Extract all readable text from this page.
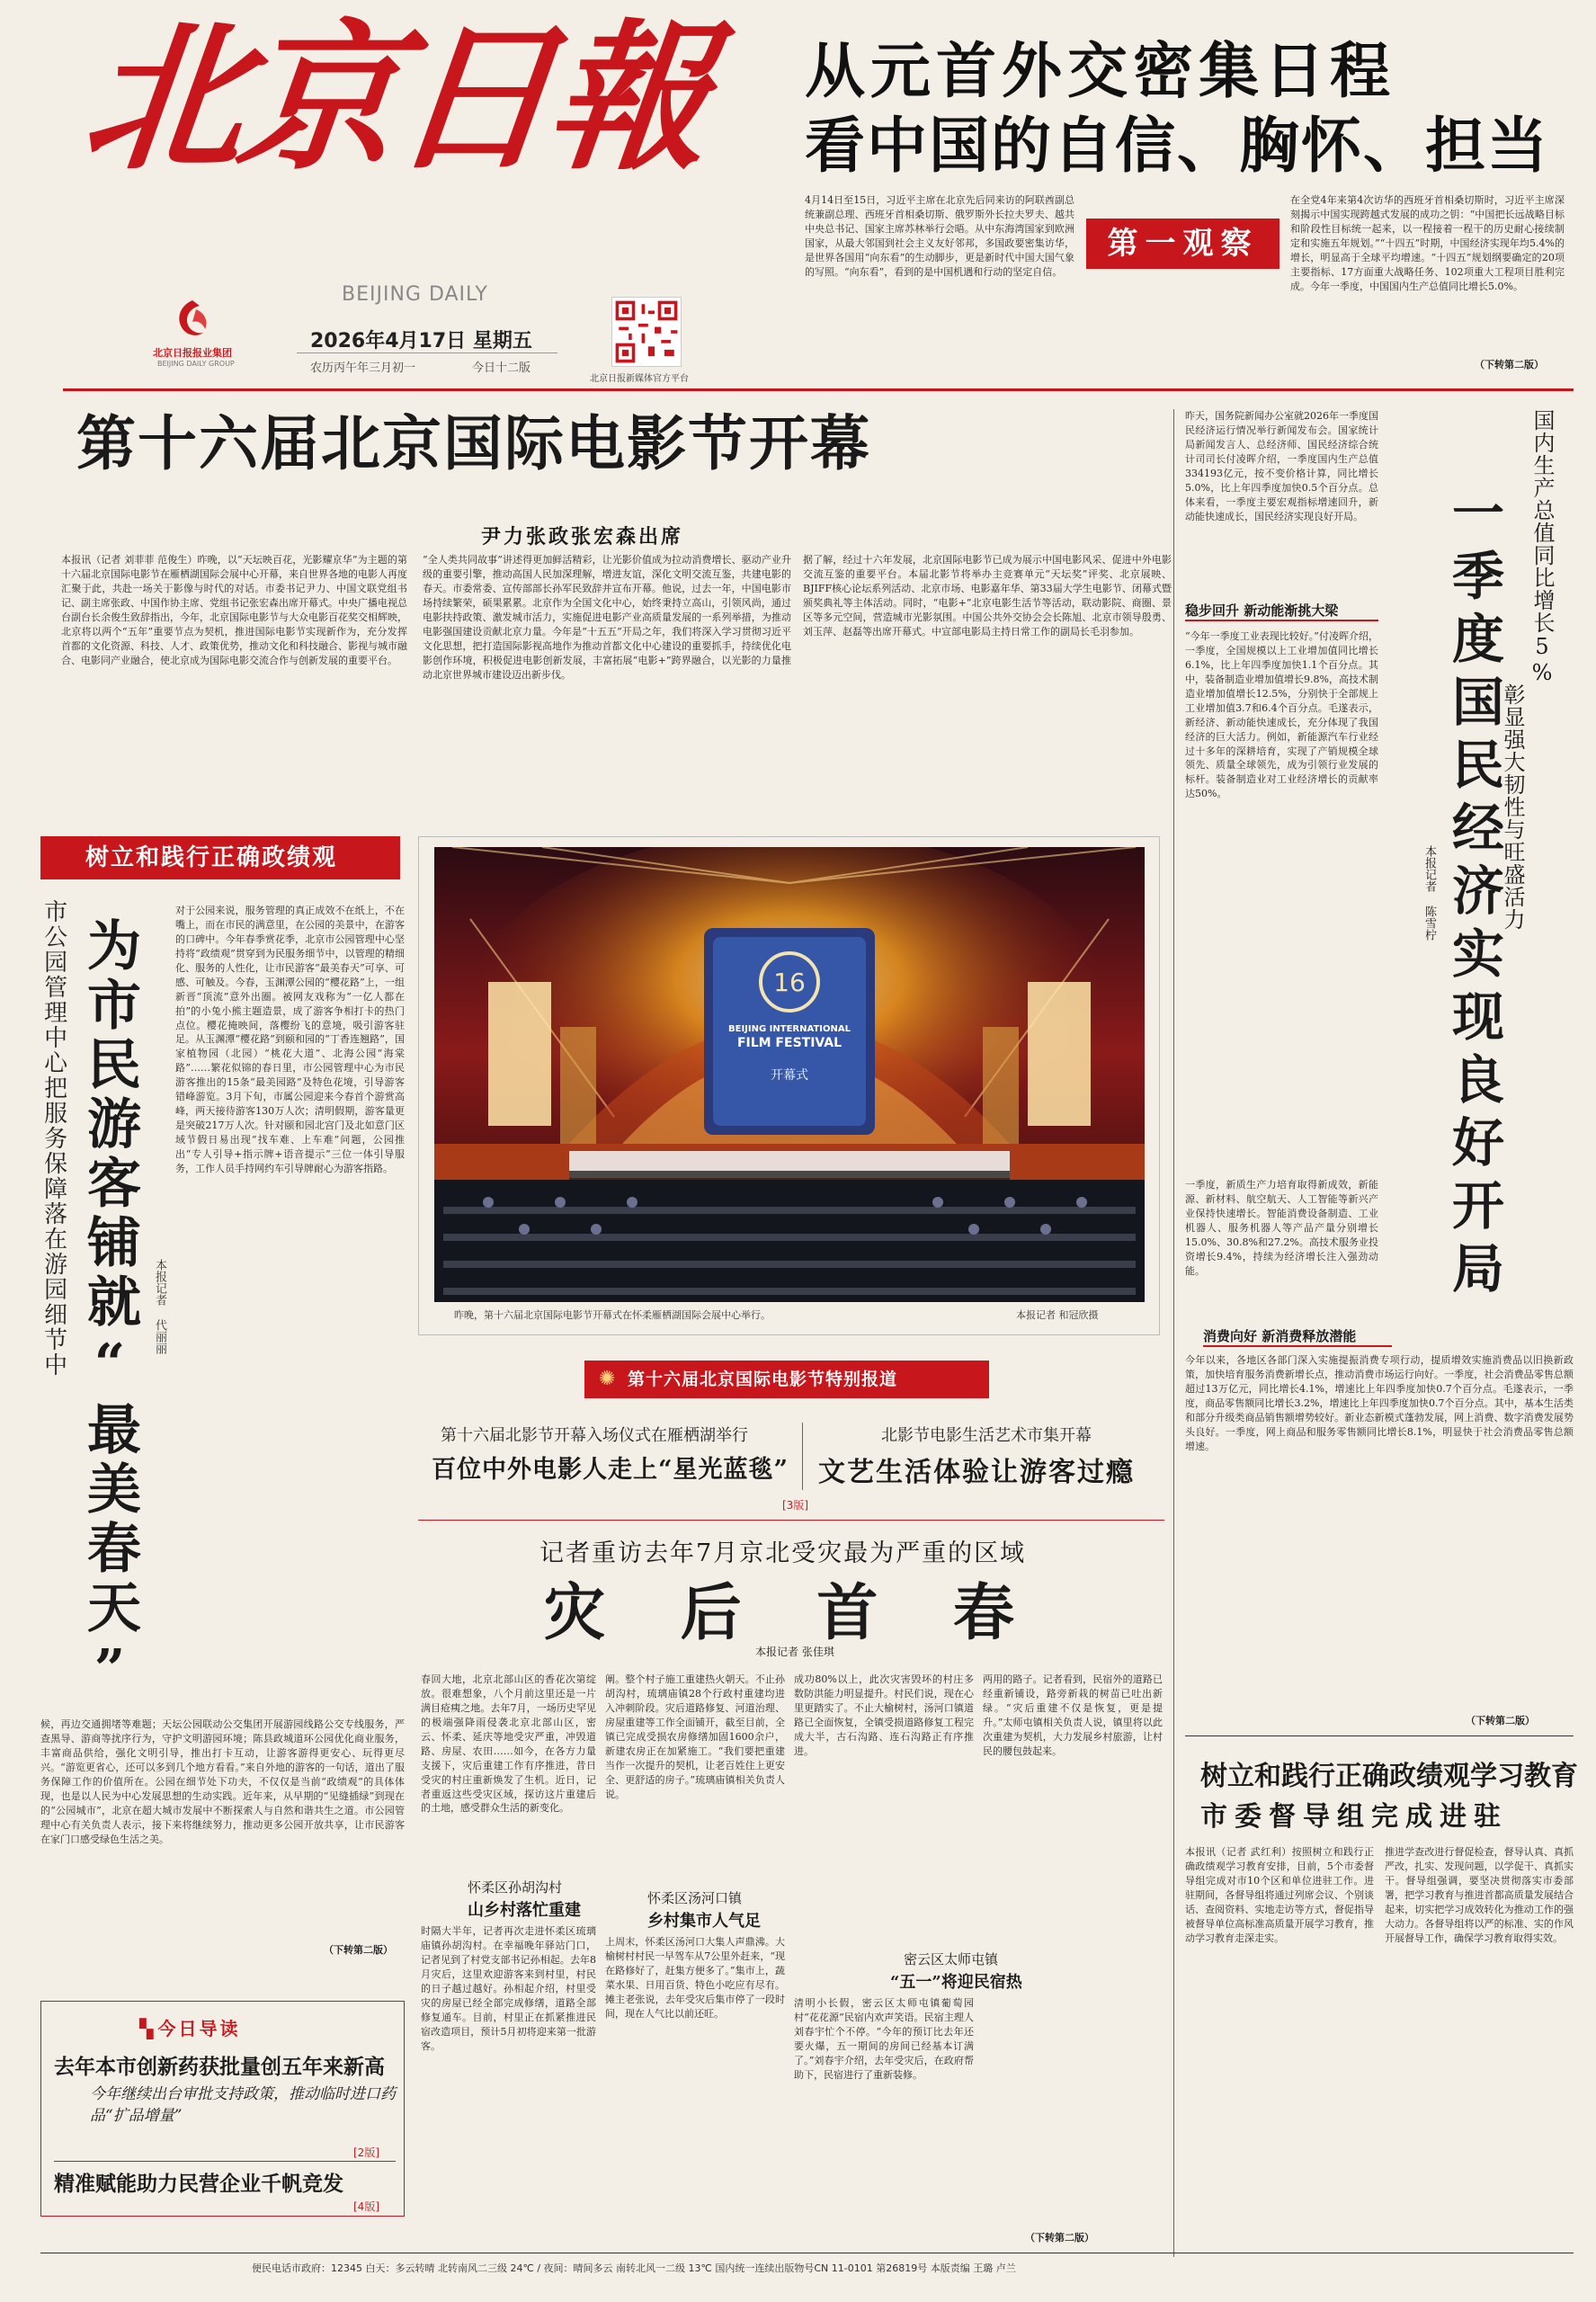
北京日報
BEIJING DAILY
北京日报报业集团
BEIJING DAILY GROUP
2026年4月17日 星期五
农历丙午年三月初一	今日十二版
北京日报新媒体官方平台
从元首外交密集日程
看中国的自信、胸怀、担当
4月14日至15日，习近平主席在北京先后同来访的阿联酋副总统兼副总理、西班牙首相桑切斯、俄罗斯外长拉夫罗夫、越共中央总书记、国家主席苏林举行会晤。从中东海湾国家到欧洲国家，从最大邻国到社会主义友好邻邦，多国政要密集访华，是世界各国用“向东看”的生动脚步，更是新时代中国大国气象的写照。“向东看”，看到的是中国机遇和行动的坚定自信。
第一观察
在全党4年来第4次访华的西班牙首相桑切斯时，习近平主席深刻揭示中国实现跨越式发展的成功之钥：“中国把长远战略目标和阶段性目标统一起来，以一程接着一程干的历史耐心接续制定和实施五年规划。”“十四五”时期，中国经济实现年均5.4%的增长，明显高于全球平均增速。“十四五”规划纲要确定的20项主要指标、17方面重大战略任务、102项重大工程项目胜利完成。今年一季度，中国国内生产总值同比增长5.0%。
（下转第二版）
第十六届北京国际电影节开幕
尹力张政张宏森出席
本报讯（记者 刘菲菲 范俊生）昨晚，以“天坛映百花，光影耀京华”为主题的第十六届北京国际电影节在雁栖湖国际会展中心开幕，来自世界各地的电影人再度汇聚于此，共赴一场关于影像与时代的对话。市委书记尹力、中国文联党组书记、副主席张政、中国作协主席、党组书记张宏森出席开幕式。中央广播电视总台副台长余俊生致辞指出，今年，北京国际电影节与大众电影百花奖交相辉映，北京将以两个“五年”重要节点为契机，推进国际电影节实现新作为，充分发挥首都的文化资源、科技、人才、政策优势，推动文化和科技融合、影视与城市融合、电影同产业融合，使北京成为国际电影交流合作与创新发展的重要平台。
“全人类共同故事”讲述得更加鲜活精彩，让光影价值成为拉动消费增长、驱动产业升级的重要引擎，推动高国人民加深理解，增进友谊，深化文明交流互鉴，共建电影的春天。市委常委、宣传部部长孙军民致辞并宣布开幕。他说，过去一年，中国电影市场持续繁荣，硕果累累。北京作为全国文化中心，始终秉持立高山，引领风尚，通过电影扶持政策、激发城市活力，实施促进电影产业高质量发展的一系列举措，为推动电影强国建设贡献北京力量。今年是“十五五”开局之年，我们将深入学习贯彻习近平文化思想，把打造国际影视高地作为推动首都文化中心建设的重要抓手，持续优化电影创作环境，积极促进电影创新发展，丰富拓展“电影+”跨界融合，以光影的力量推动北京世界城市建设迈出新步伐。
据了解，经过十六年发展，北京国际电影节已成为展示中国电影风采、促进中外电影交流互鉴的重要平台。本届北影节将举办主竞赛单元“天坛奖”评奖、北京展映、BJIFF核心论坛系列活动、北京市场、电影嘉年华、第33届大学生电影节、闭幕式暨颁奖典礼等主体活动。同时，“电影+”北京电影生活节等活动，联动影院、商圈、景区等多元空间，营造城市光影氛围。中国公共外交协会会长陈旭、北京市领导殷勇、刘玉萍、赵磊等出席开幕式。中宣部电影局主持日常工作的副局长毛羽参加。
树立和践行正确政绩观
为市民游客铺就“最美春天”
市公园管理中心把服务保障落在游园细节中	本报记者 代丽丽
对于公园来说，服务管理的真正成效不在纸上，不在嘴上，而在市民的满意里，在公园的美景中，在游客的口碑中。今年春季赏花季，北京市公园管理中心坚持将“政绩观”贯穿到为民服务细节中，以管理的精细化、服务的人性化，让市民游客“最美春天”可享、可感、可触及。今春，玉渊潭公园的“樱花路”上，一组新晋“顶流”意外出圈。被网友戏称为“一亿人都在拍”的小兔小熊主题造景，成了游客争相打卡的热门点位。樱花掩映间，落樱纷飞的意境，吸引游客驻足。从玉渊潭“樱花路”到颐和园的“丁香连翘路”，国家植物园（北园）“桃花大道”、北海公园“海棠路”……繁花似锦的春日里，市公园管理中心为市民游客推出的15条“最美园路”及特色花境，引导游客错峰游览。3月下旬，市属公园迎来今春首个游赏高峰，两天接待游客130万人次；清明假期，游客量更是突破217万人次。针对颐和园北宫门及北如意门区域节假日易出现“找车难、上车难”问题，公园推出“专人引导+指示牌+语音提示”三位一体引导服务，工作人员手持网约车引导牌耐心为游客指路。
候，再边交通拥堵等难题；天坛公园联动公交集团开展游园线路公交专线服务，严查黑导、游商等扰序行为，守护文明游园环境；陈县政城道环公园优化商业服务，丰富商品供给，强化文明引导，推出打卡互动，让游客游得更安心、玩得更尽兴。“游览更省心，还可以多到几个地方看看。”来自外地的游客的一句话，道出了服务保障工作的价值所在。公园在细节处下功夫，不仅仅是当前“政绩观”的具体体现，也是以人民为中心发展思想的生动实践。近年来，从早期的“见缝插绿”到现在的“公园城市”，北京在超大城市发展中不断探索人与自然和谐共生之道。市公园管理中心有关负责人表示，接下来将继续努力，推动更多公园开放共享，让市民游客在家门口感受绿色生活之美。
（下转第二版）
▚ 今日导读
去年本市创新药获批量创五年来新高
今年继续出台审批支持政策，推动临时进口药品“扩品增量”
[2版]
精准赋能助力民营企业千帆竞发
[4版]
16
BEIJING INTERNATIONAL
FILM FESTIVAL
开幕式
昨晚，第十六届北京国际电影节开幕式在怀柔雁栖湖国际会展中心举行。	本报记者 和冠欣摄
✺ 第十六届北京国际电影节特别报道
第十六届北影节开幕入场仪式在雁栖湖举行
百位中外电影人走上“星光蓝毯”
北影节电影生活艺术市集开幕
文艺生活体验让游客过瘾
[3版]
记者重访去年7月京北受灾最为严重的区域
灾 后 首 春
本报记者 张佳琪
春回大地，北京北部山区的香花次第绽放。很难想象，八个月前这里还是一片满目疮痍之地。去年7月，一场历史罕见的极端强降雨侵袭北京北部山区，密云、怀柔、延庆等地受灾严重，冲毁道路、房屋、农田……如今，在各方力量支援下，灾后重建工作有序推进，昔日受灾的村庄重新焕发了生机。近日，记者重返这些受灾区域，探访这片重建后的土地，感受群众生活的新变化。
怀柔区孙胡沟村
山乡村落忙重建
时隔大半年，记者再次走进怀柔区琉璃庙镇孙胡沟村。在幸福晚年驿站门口，记者见到了村党支部书记孙相起。去年8月灾后，这里欢迎游客来到村里，村民的日子越过越好。孙相起介绍，村里受灾的房屋已经全部完成修缮，道路全部修复通车。目前，村里正在抓紧推进民宿改造项目，预计5月初将迎来第一批游客。
阐。整个村子施工重建热火朝天。不止孙胡沟村，琉璃庙镇28个行政村重建均进入冲刺阶段。灾后道路修复、河道治理、房屋重建等工作全面铺开，截至目前，全镇已完成受损农房修缮加固1600余户，新建农房正在加紧施工。“我们要把重建当作一次提升的契机，让老百姓住上更安全、更舒适的房子。”琉璃庙镇相关负责人说。
怀柔区汤河口镇
乡村集市人气足
上周末，怀柔区汤河口大集人声鼎沸。大榆树村村民一早驾车从7公里外赶来，“现在路修好了，赶集方便多了。”集市上，蔬菜水果、日用百货、特色小吃应有尽有。摊主老张说，去年受灾后集市停了一段时间，现在人气比以前还旺。
成功80%以上，此次灾害毁坏的村庄多数防洪能力明显提升。村民们说，现在心里更踏实了。不止大榆树村，汤河口镇道路已全面恢复，全镇受损道路修复工程完成大半，古石沟路、连石沟路正有序推进。
密云区太师屯镇
“五一”将迎民宿热
清明小长假，密云区太师屯镇葡萄园村“花花源”民宿内欢声笑语。民宿主理人刘春宇忙个不停。“今年的预订比去年还要火爆，五一期间的房间已经基本订满了。”刘春宇介绍，去年受灾后，在政府帮助下，民宿进行了重新装修。
两用的路子。记者看到，民宿外的道路已经重新铺设，路旁新栽的树苗已吐出新绿。“灾后重建不仅是恢复，更是提升。”太师屯镇相关负责人说，镇里将以此次重建为契机，大力发展乡村旅游，让村民的腰包鼓起来。
（下转第二版）
昨天，国务院新闻办公室就2026年一季度国民经济运行情况举行新闻发布会。国家统计局新闻发言人、总经济师、国民经济综合统计司司长付凌晖介绍，一季度国内生产总值334193亿元，按不变价格计算，同比增长5.0%，比上年四季度加快0.5个百分点。总体来看，一季度主要宏观指标增速回升，新动能快速成长，国民经济实现良好开局。
稳步回升 新动能渐挑大梁
“今年一季度工业表现比较好。”付凌晖介绍，一季度，全国规模以上工业增加值同比增长6.1%，比上年四季度加快1.1个百分点。其中，装备制造业增加值增长9.8%，高技术制造业增加值增长12.5%，分别快于全部规上工业增加值3.7和6.4个百分点。毛遂表示，新经济、新动能快速成长，充分体现了我国经济的巨大活力。例如，新能源汽车行业经过十多年的深耕培育，实现了产销规模全球领先、质量全球领先，成为引领行业发展的标杆。装备制造业对工业经济增长的贡献率达50%。
一季度，新质生产力培育取得新成效，新能源、新材料、航空航天、人工智能等新兴产业保持快速增长。智能消费设备制造、工业机器人、服务机器人等产品产量分别增长15.0%、30.8%和27.2%。高技术服务业投资增长9.4%，持续为经济增长注入强劲动能。
国内生产总值同比增长5%
彰显强大韧性与旺盛活力
一季度国民经济实现良好开局
本报记者 陈雪柠
消费向好 新消费释放潜能
今年以来，各地区各部门深入实施提振消费专项行动，提质增效实施消费品以旧换新政策，加快培育服务消费新增长点，推动消费市场运行向好。一季度，社会消费品零售总额超过13万亿元，同比增长4.1%，增速比上年四季度加快0.7个百分点。毛遂表示，一季度，商品零售额同比增长3.2%，增速比上年四季度加快0.7个百分点。其中，基本生活类和部分升级类商品销售额增势较好。新业态新模式蓬勃发展，网上消费、数字消费发展势头良好。一季度，网上商品和服务零售额同比增长8.1%，明显快于社会消费品零售总额增速。
（下转第二版）
树立和践行正确政绩观学习教育
市委督导组完成进驻
本报讯（记者 武红利）按照树立和践行正确政绩观学习教育安排，目前，5个市委督导组完成对市10个区和单位进驻工作。进驻期间，各督导组将通过列席会议、个别谈话、查阅资料、实地走访等方式，督促指导被督导单位高标准高质量开展学习教育，推动学习教育走深走实。
推进学查改进行督促检查，督导认真、真抓严改，扎实、发现问题，以学促干、真抓实干。督导组强调，要坚决贯彻落实市委部署，把学习教育与推进首都高质量发展结合起来，切实把学习成效转化为推动工作的强大动力。各督导组将以严的标准、实的作风开展督导工作，确保学习教育取得实效。
便民电话市政府：12345 白天：多云转晴 北转南风二三级 24℃ / 夜间：晴间多云 南转北风一二级 13℃ 国内统一连续出版物号CN 11-0101 第26819号 本版责编 王璐 卢兰
